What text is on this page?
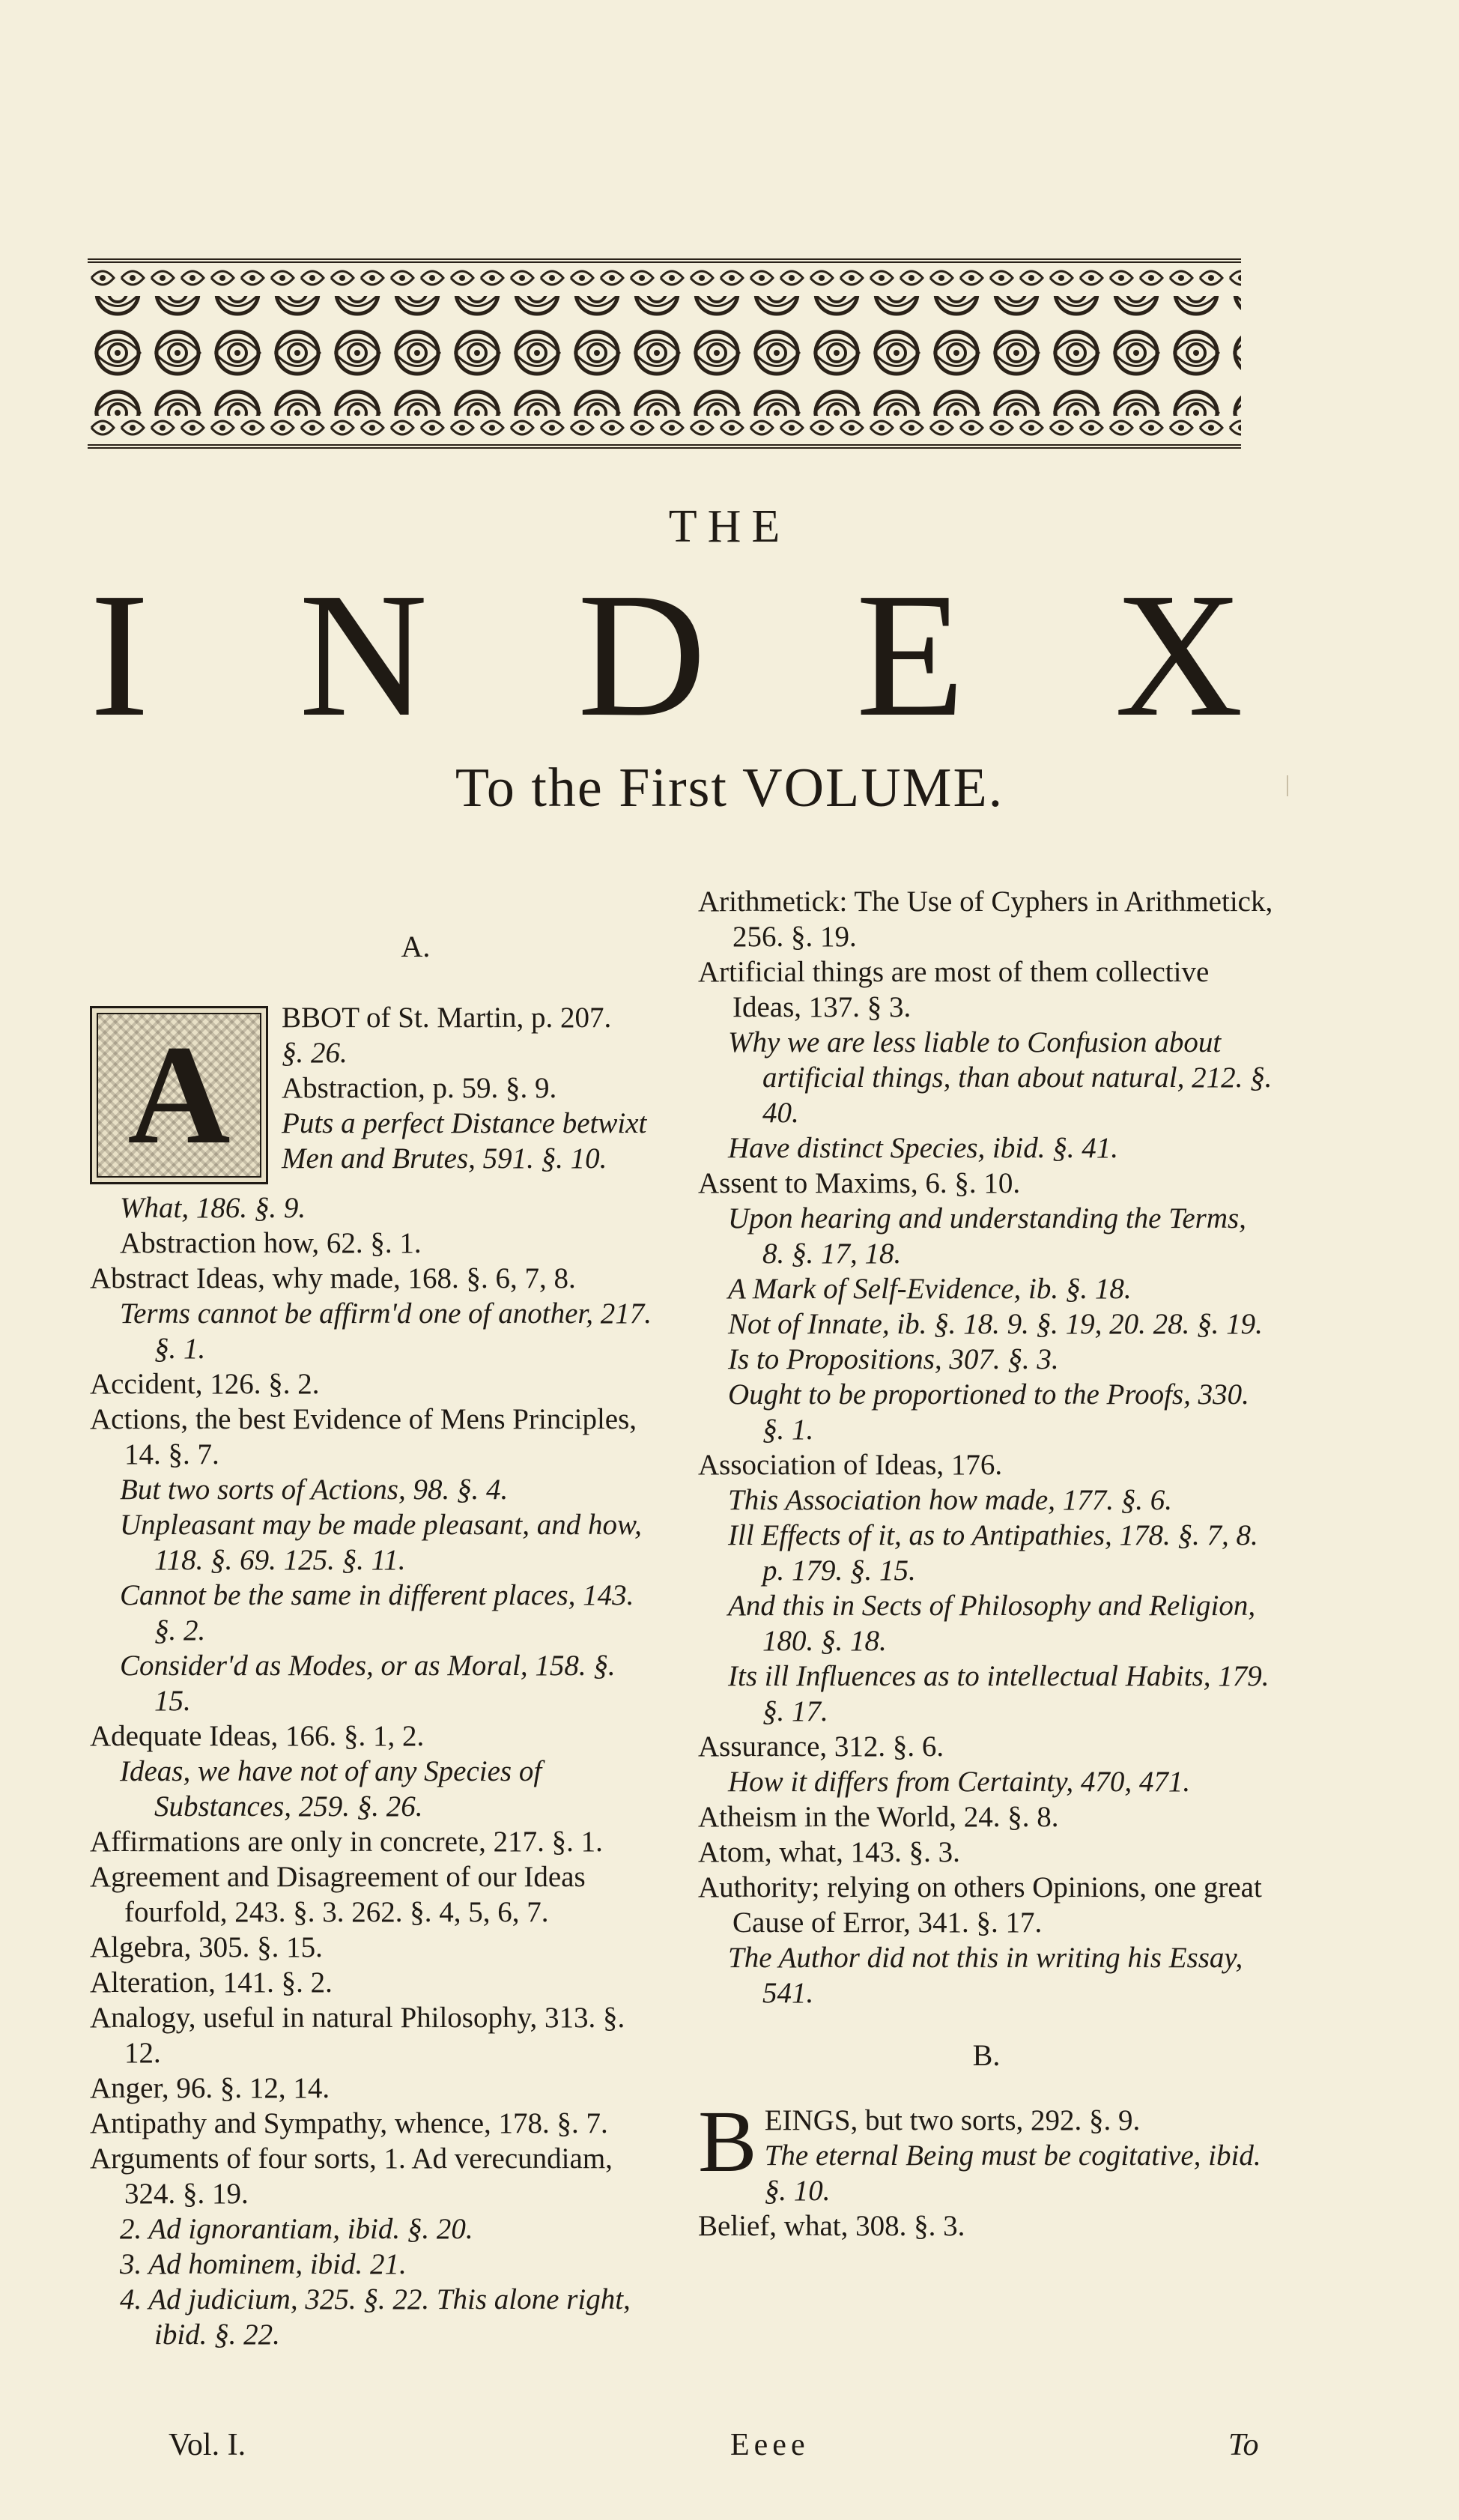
THE
I N D E X
To the First VOLUME.
A.
A	BBOT of St. Martin, p. 207.
§. 26.
Abstraction, p. 59. §. 9.
Puts a perfect Distance betwixt Men and Brutes, 591. §. 10.
What, 186. §. 9.
Abstraction how, 62. §. 1.
Abstract Ideas, why made, 168. §. 6, 7, 8.
Terms cannot be affirm'd one of another, 217. §. 1.
Accident, 126. §. 2.
Actions, the best Evidence of Mens Principles, 14. §. 7.
But two sorts of Actions, 98. §. 4.
Unpleasant may be made pleasant, and how, 118. §. 69. 125. §. 11.
Cannot be the same in different places, 143. §. 2.
Consider'd as Modes, or as Moral, 158. §. 15.
Adequate Ideas, 166. §. 1, 2.
Ideas, we have not of any Species of Substances, 259. §. 26.
Affirmations are only in concrete, 217. §. 1.
Agreement and Disagreement of our Ideas fourfold, 243. §. 3. 262. §. 4, 5, 6, 7.
Algebra, 305. §. 15.
Alteration, 141. §. 2.
Analogy, useful in natural Philosophy, 313. §. 12.
Anger, 96. §. 12, 14.
Antipathy and Sympathy, whence, 178. §. 7.
Arguments of four sorts, 1. Ad verecundiam, 324. §. 19.
2. Ad ignorantiam, ibid. §. 20.
3. Ad hominem, ibid. 21.
4. Ad judicium, 325. §. 22. This alone right, ibid. §. 22.
Arithmetick: The Use of Cyphers in Arithmetick, 256. §. 19.
Artificial things are most of them collective Ideas, 137. § 3.
Why we are less liable to Confusion about artificial things, than about natural, 212. §. 40.
Have distinct Species, ibid. §. 41.
Assent to Maxims, 6. §. 10.
Upon hearing and understanding the Terms, 8. §. 17, 18.
A Mark of Self-Evidence, ib. §. 18.
Not of Innate, ib. §. 18. 9. §. 19, 20. 28. §. 19.
Is to Propositions, 307. §. 3.
Ought to be proportioned to the Proofs, 330. §. 1.
Association of Ideas, 176.
This Association how made, 177. §. 6.
Ill Effects of it, as to Antipathies, 178. §. 7, 8. p. 179. §. 15.
And this in Sects of Philosophy and Religion, 180. §. 18.
Its ill Influences as to intellectual Habits, 179. §. 17.
Assurance, 312. §. 6.
How it differs from Certainty, 470, 471.
Atheism in the World, 24. §. 8.
Atom, what, 143. §. 3.
Authority; relying on others Opinions, one great Cause of Error, 341. §. 17.
The Author did not this in writing his Essay, 541.
B.
B EINGS, but two sorts, 292. §. 9.
The eternal Being must be cogitative, ibid. §. 10.
Belief, what, 308. §. 3.
Vol. I.	Eeee	To
